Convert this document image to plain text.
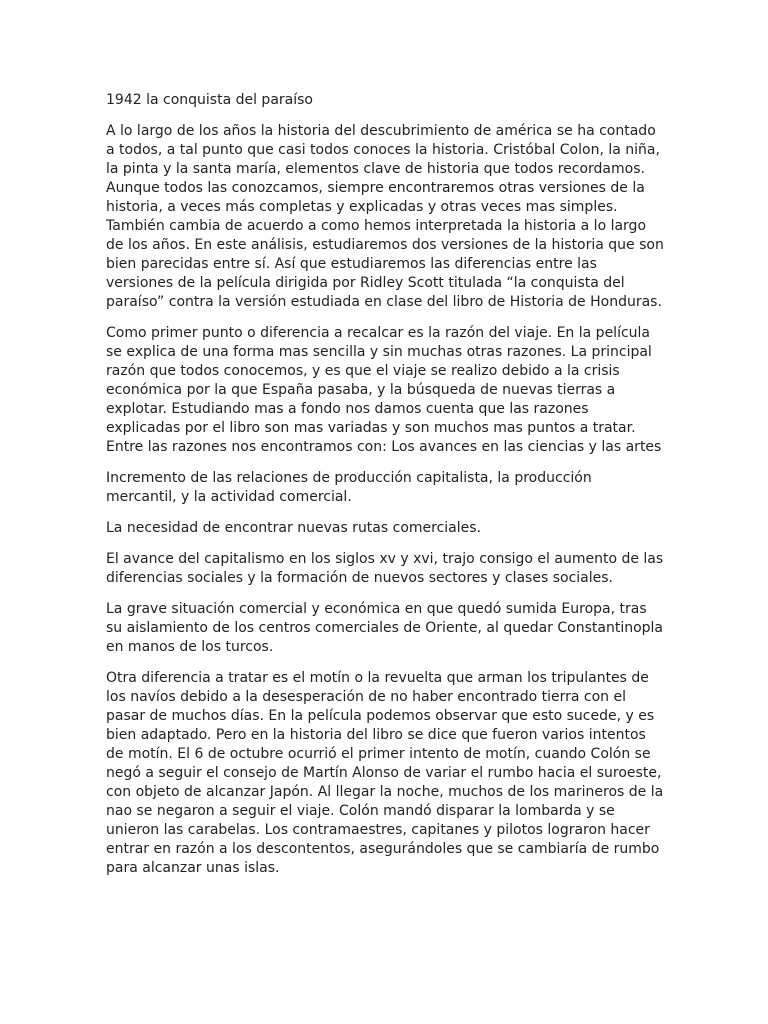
1942 la conquista del paraíso

A lo largo de los años la historia del descubrimiento de américa se ha contado a todos, a tal punto que casi todos conoces la historia. Cristóbal Colon, la niña, la pinta y la santa maría, elementos clave de historia que todos recordamos. Aunque todos las conozcamos, siempre encontraremos otras versiones de la historia, a veces más completas y explicadas y otras veces mas simples. También cambia de acuerdo a como hemos interpretada la historia a lo largo de los años. En este análisis, estudiaremos dos versiones de la historia que son bien parecidas entre sí. Así que estudiaremos las diferencias entre las versiones de la película dirigida por Ridley Scott titulada “la conquista del paraíso” contra la versión estudiada en clase del libro de Historia de Honduras.

Como primer punto o diferencia a recalcar es la razón del viaje. En la película se explica de una forma mas sencilla y sin muchas otras razones. La principal razón que todos conocemos, y es que el viaje se realizo debido a la crisis económica por la que España pasaba, y la búsqueda de nuevas tierras a explotar. Estudiando mas a fondo nos damos cuenta que las razones explicadas por el libro son mas variadas y son muchos mas puntos a tratar. Entre las razones nos encontramos con: Los avances en las ciencias y las artes

Incremento de las relaciones de producción capitalista, la producción mercantil, y la actividad comercial.

La necesidad de encontrar nuevas rutas comerciales.

El avance del capitalismo en los siglos xv y xvi, trajo consigo el aumento de las diferencias sociales y la formación de nuevos sectores y clases sociales.

La grave situación comercial y económica en que quedó sumida Europa, tras su aislamiento de los centros comerciales de Oriente, al quedar Constantinopla en manos de los turcos.

Otra diferencia a tratar es el motín o la revuelta que arman los tripulantes de los navíos debido a la desesperación de no haber encontrado tierra con el pasar de muchos días. En la película podemos observar que esto sucede, y es bien adaptado. Pero en la historia del libro se dice que fueron varios intentos de motín. El 6 de octubre ocurrió el primer intento de motín, cuando Colón se negó a seguir el consejo de Martín Alonso de variar el rumbo hacia el suroeste, con objeto de alcanzar Japón. Al llegar la noche, muchos de los marineros de la nao se negaron a seguir el viaje. Colón mandó disparar la lombarda y se unieron las carabelas. Los contramaestres, capitanes y pilotos lograron hacer entrar en razón a los descontentos, asegurándoles que se cambiaría de rumbo para alcanzar unas islas.
